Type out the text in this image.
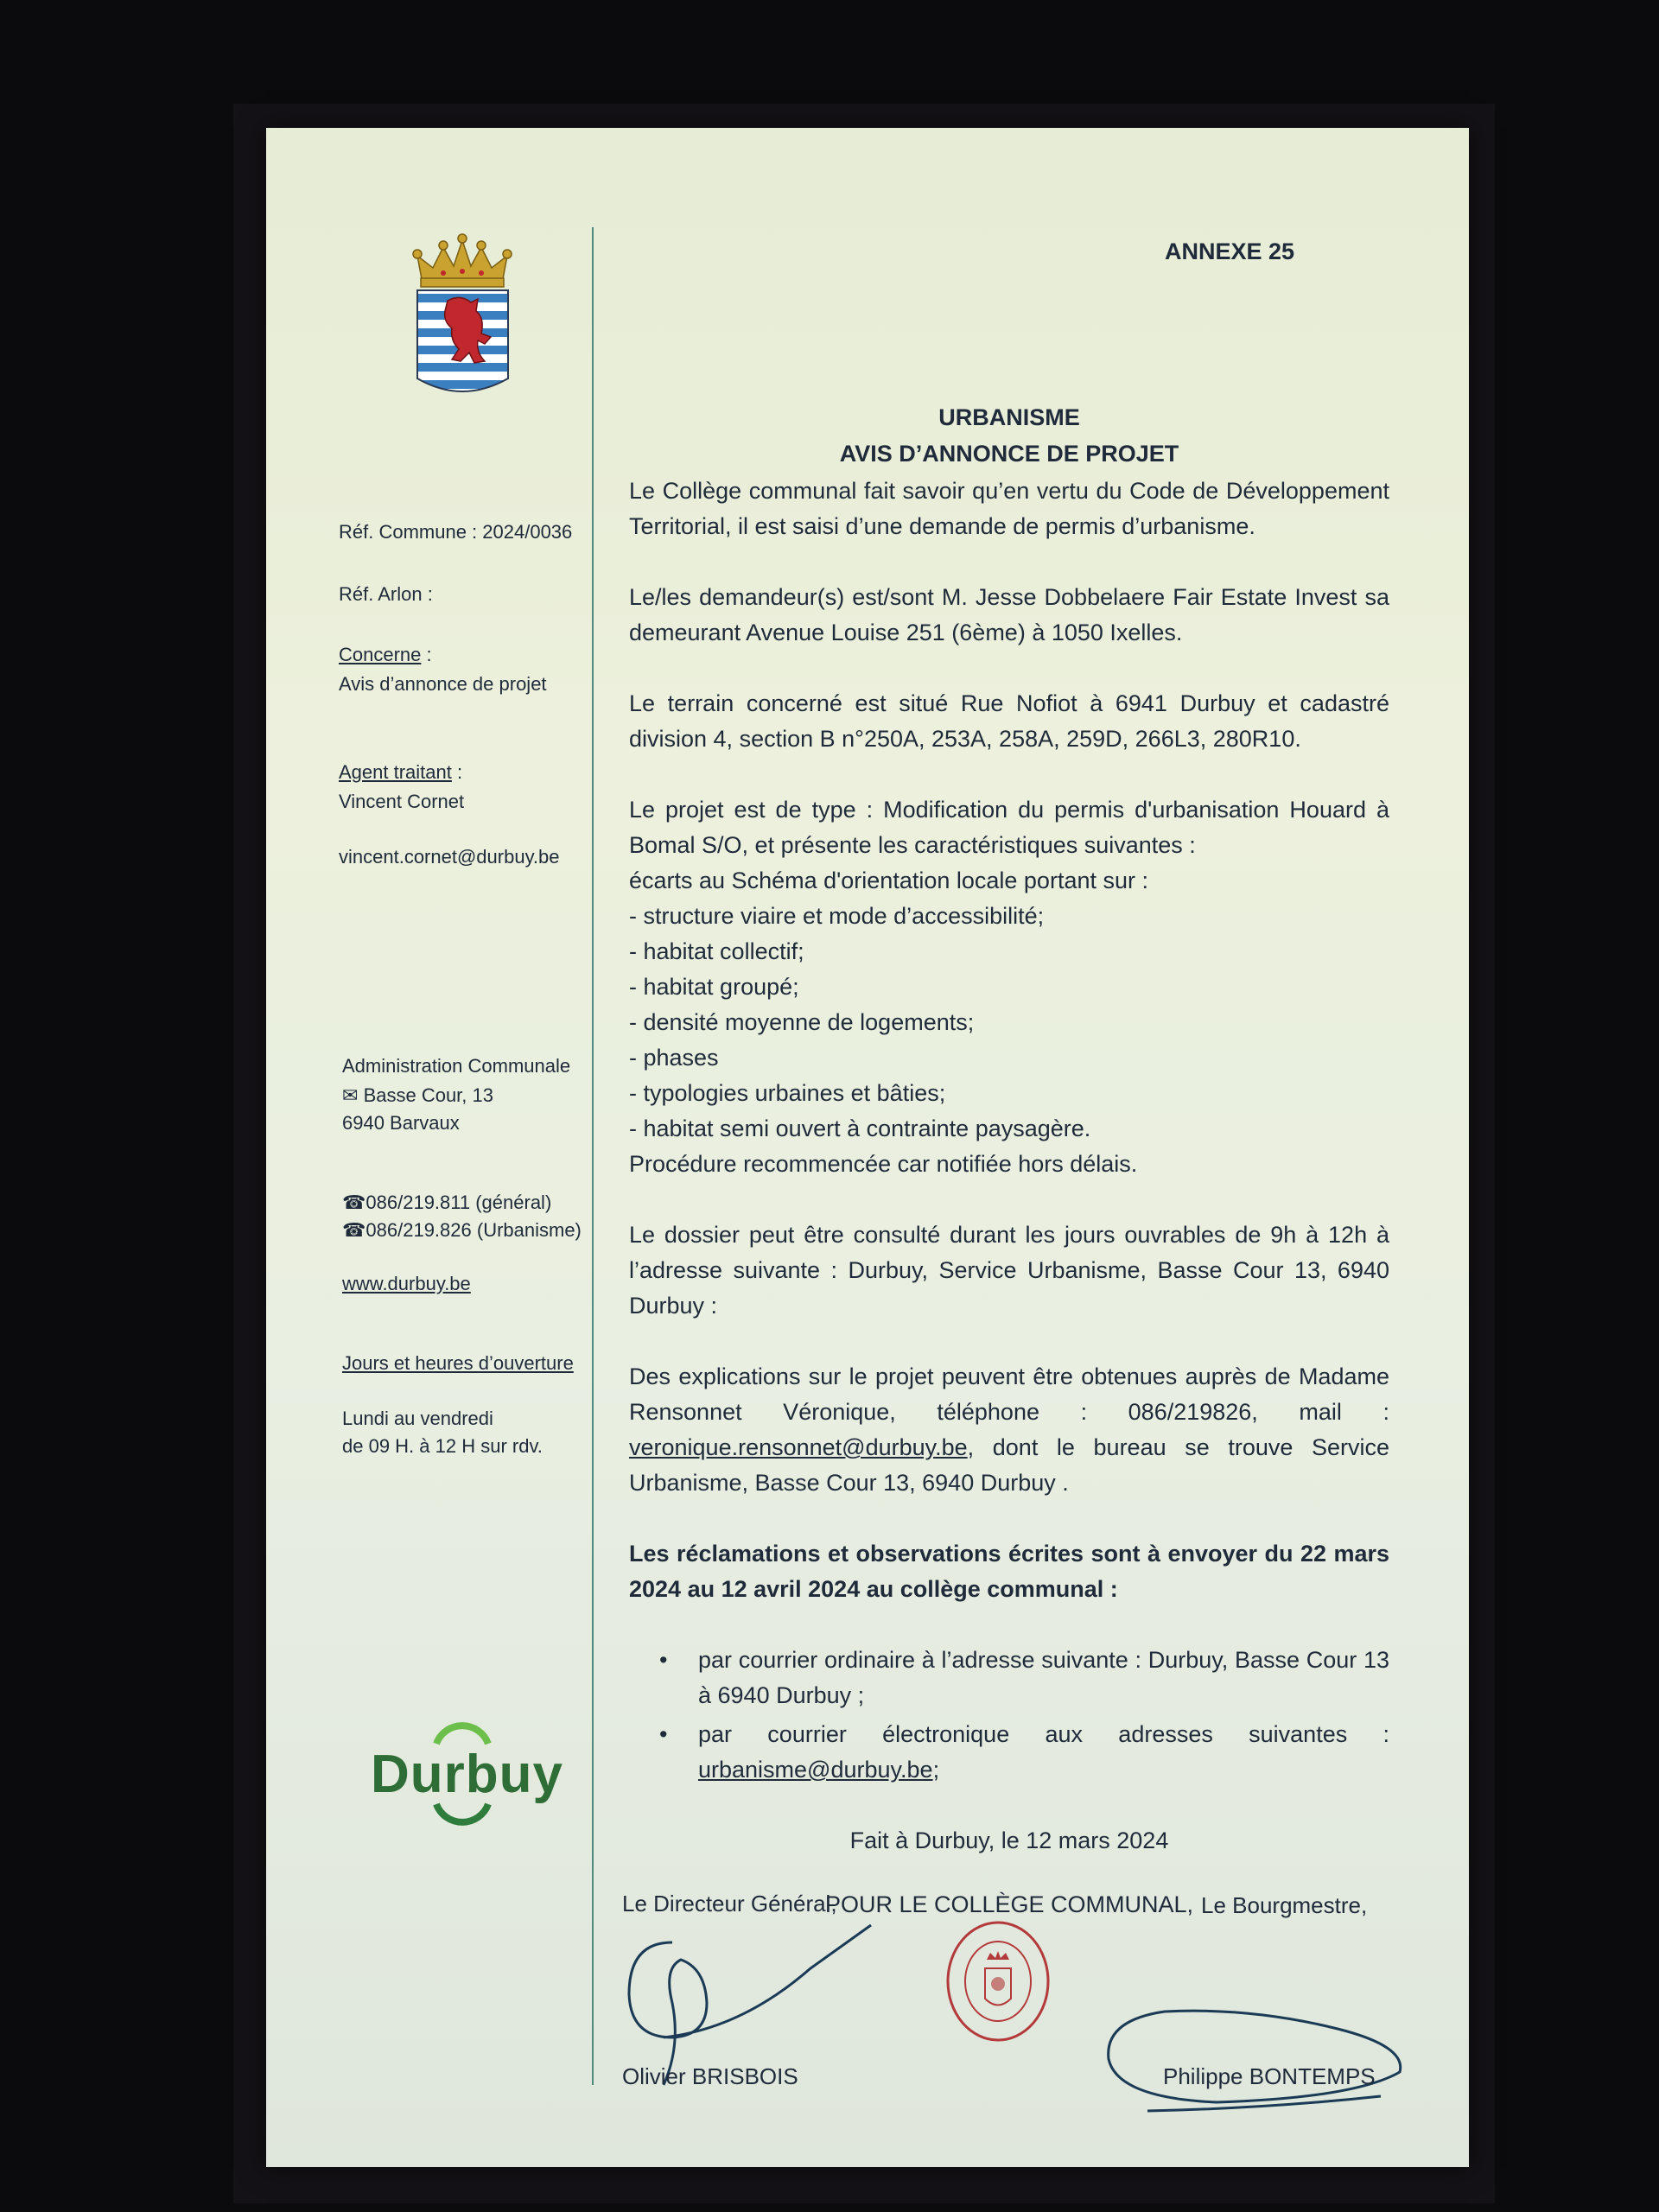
Réf. Commune : 2024/0036
Réf. Arlon :
Concerne :
Avis d’annonce de projet
Agent traitant :
Vincent Cornet
vincent.cornet@durbuy.be
Administration Communale
✉ Basse Cour, 13
6940 Barvaux
☎086/219.811 (général)
☎086/219.826 (Urbanisme)
www.durbuy.be
Jours et heures d’ouverture
Lundi au vendredi
de 09 H. à 12 H sur rdv.
Durbuy
ANNEXE 25
URBANISME
AVIS D’ANNONCE DE PROJET

Le Collège communal fait savoir qu’en vertu du Code de Développement Territorial, il est saisi d’une demande de permis d’urbanisme.

Le/les demandeur(s) est/sont M. Jesse Dobbelaere Fair Estate Invest sa demeurant Avenue Louise 251 (6ème) à 1050 Ixelles.

Le terrain concerné est situé Rue Nofiot à 6941 Durbuy et cadastré division 4, section B n°250A, 253A, 258A, 259D, 266L3, 280R10.

Le projet est de type : Modification du permis d'urbanisation Houard à Bomal S/O, et présente les caractéristiques suivantes :

écarts au Schéma d'orientation locale portant sur :
- structure viaire et mode d’accessibilité;
- habitat collectif;
- habitat groupé;
- densité moyenne de logements;
- phases
- typologies urbaines et bâties;
- habitat semi ouvert à contrainte paysagère.

Procédure recommencée car notifiée hors délais.

Le dossier peut être consulté durant les jours ouvrables de 9h à 12h à l’adresse suivante : Durbuy, Service Urbanisme, Basse Cour 13, 6940 Durbuy :

Des explications sur le projet peuvent être obtenues auprès de Madame Rensonnet Véronique, téléphone : 086/219826, mail : veronique.rensonnet@durbuy.be, dont le bureau se trouve Service Urbanisme, Basse Cour 13, 6940 Durbuy .

Les réclamations et observations écrites sont à envoyer du 22 mars 2024 au 12 avril 2024 au collège communal :

• par courrier ordinaire à l’adresse suivante : Durbuy, Basse Cour 13 à 6940 Durbuy ;
• par courrier électronique aux adresses suivantes : urbanisme@durbuy.be;

Fait à Durbuy, le 12 mars 2024

POUR LE COLLÈGE COMMUNAL,

Le Directeur Général,	Le Bourgmestre,
Olivier BRISBOIS	Philippe BONTEMPS
